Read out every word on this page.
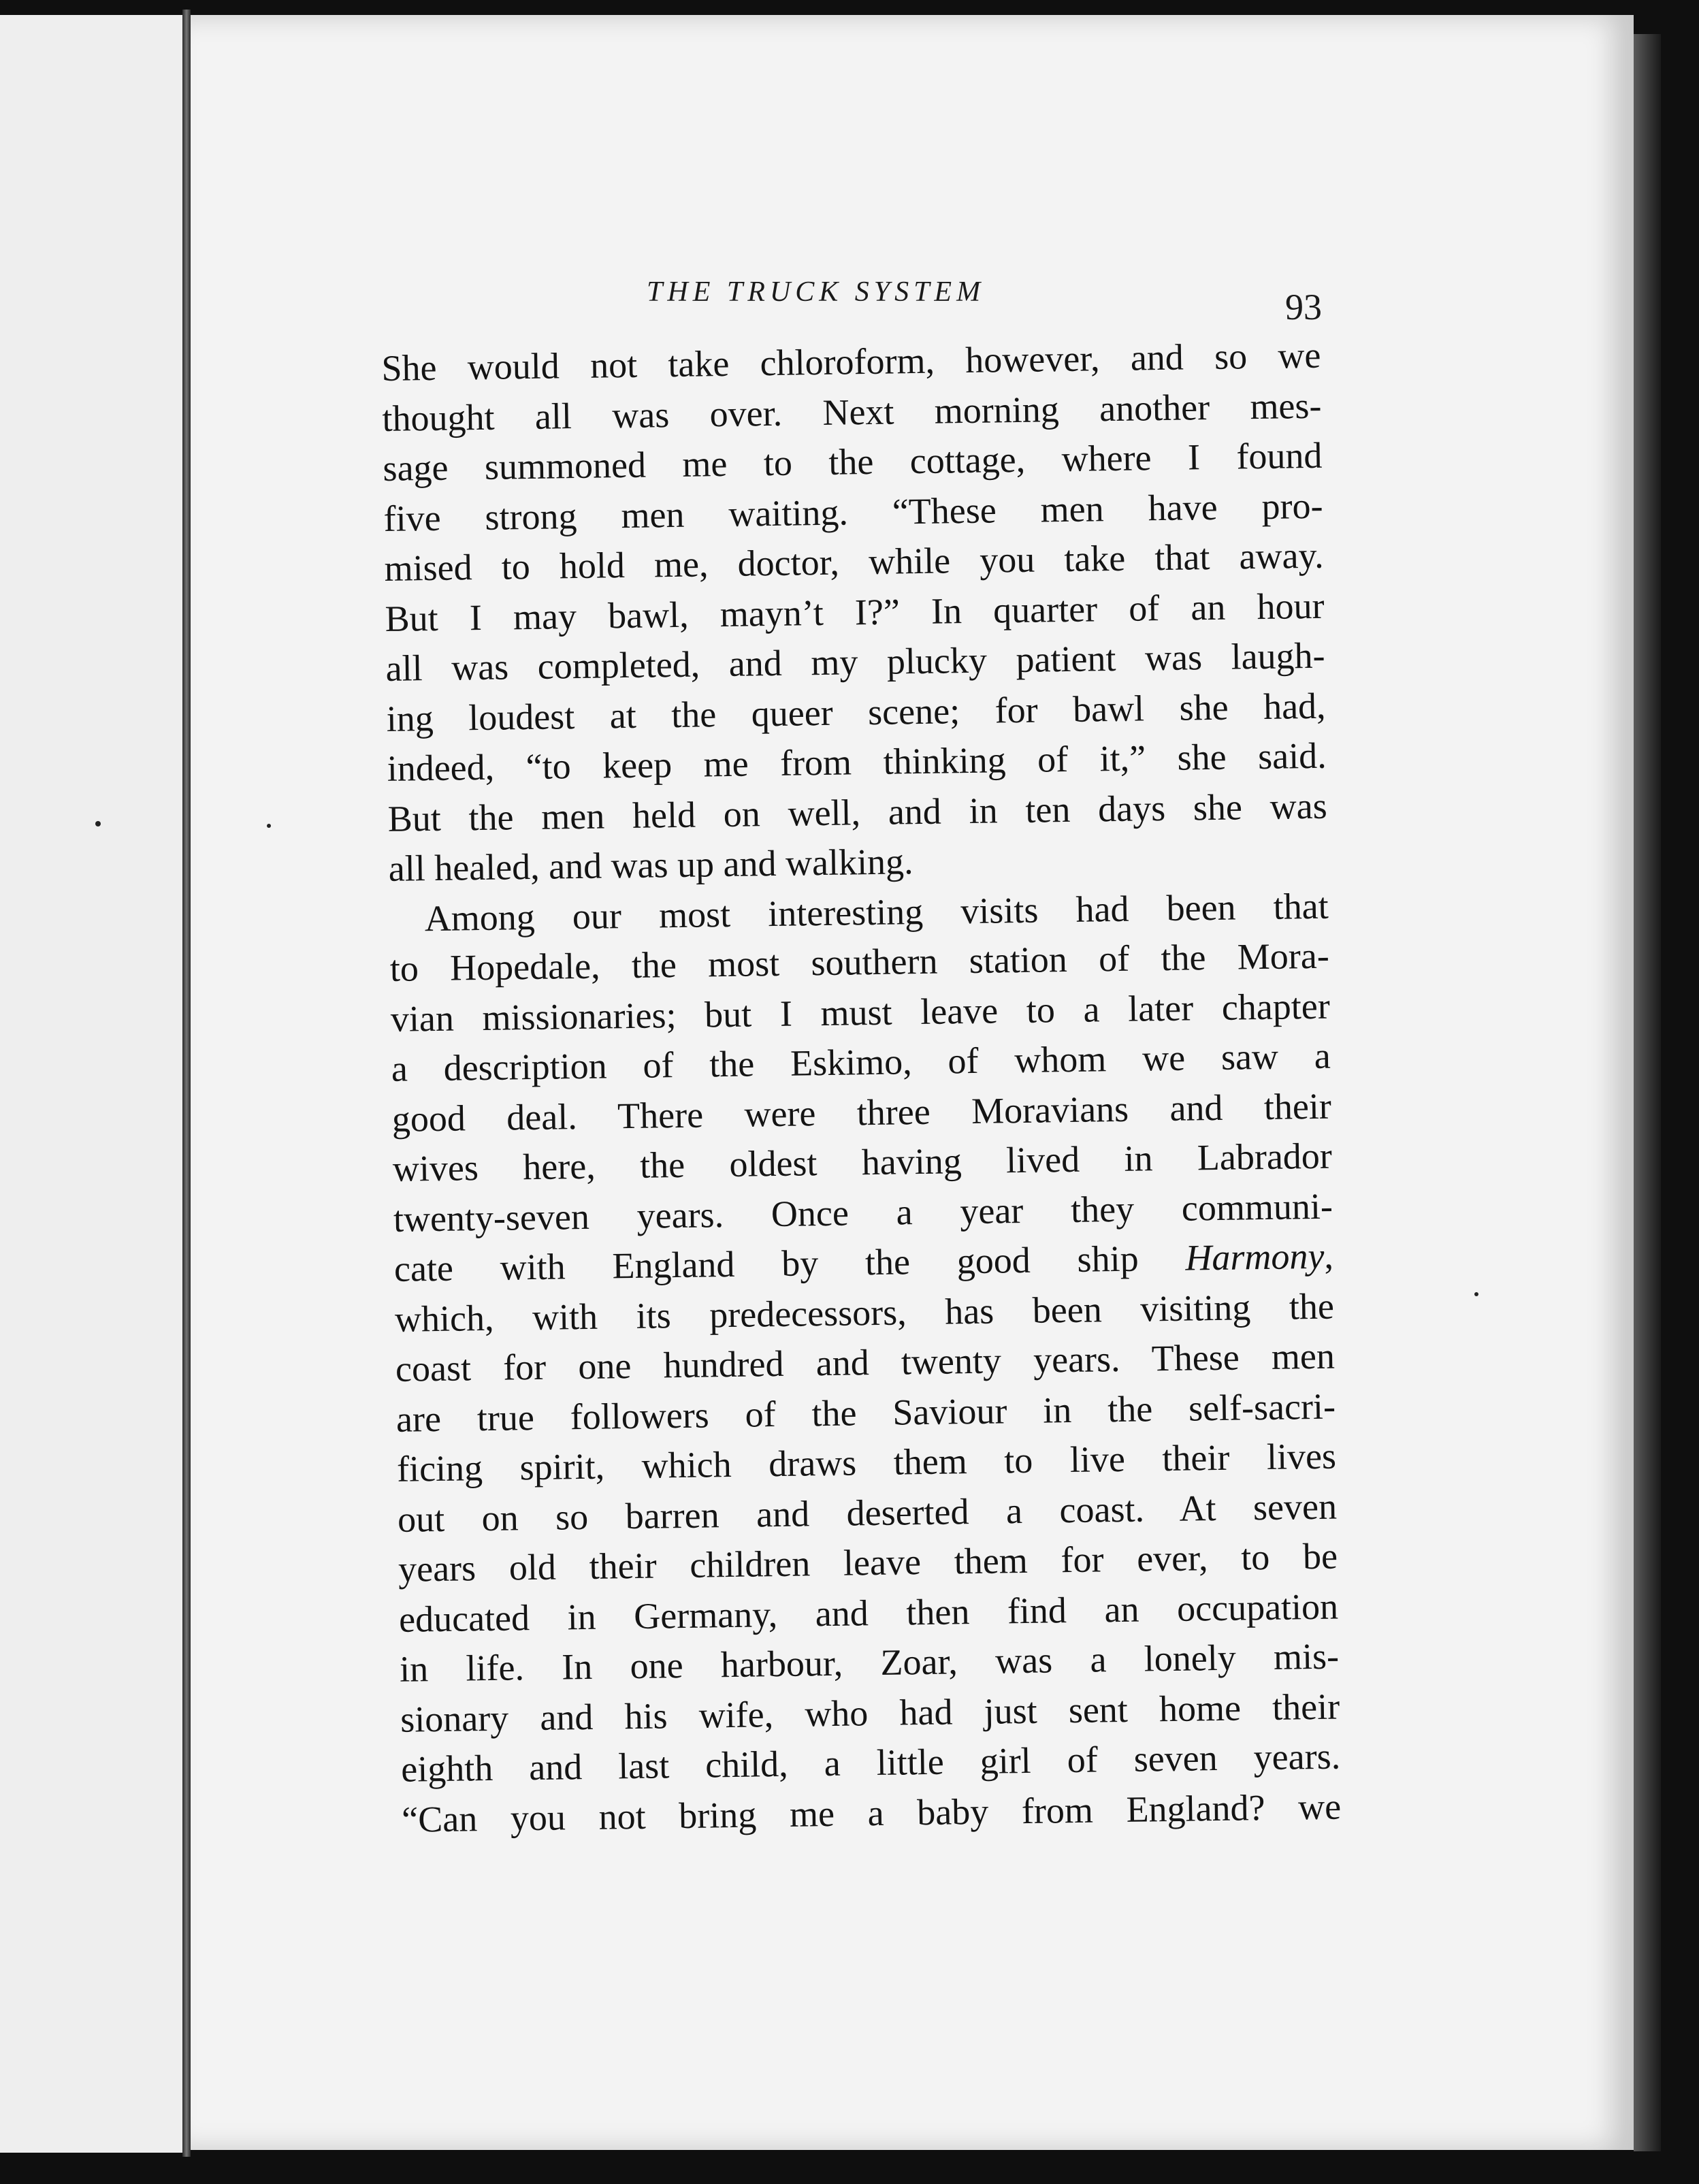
THE TRUCK SYSTEM	93
She would not take chloroform, however, and so we
thought all was over. Next morning another mes-
sage summoned me to the cottage, where I found
five strong men waiting. “These men have pro-
mised to hold me, doctor, while you take that away.
But I may bawl, mayn’t I?” In quarter of an hour
all was completed, and my plucky patient was laugh-
ing loudest at the queer scene; for bawl she had,
indeed, “to keep me from thinking of it,” she said.
But the men held on well, and in ten days she was
all healed, and was up and walking.
Among our most interesting visits had been that
to Hopedale, the most southern station of the Mora-
vian missionaries; but I must leave to a later chapter
a description of the Eskimo, of whom we saw a
good deal. There were three Moravians and their
wives here, the oldest having lived in Labrador
twenty-seven years. Once a year they communi-
cate with England by the good ship Harmony,
which, with its predecessors, has been visiting the
coast for one hundred and twenty years. These men
are true followers of the Saviour in the self-sacri-
ficing spirit, which draws them to live their lives
out on so barren and deserted a coast. At seven
years old their children leave them for ever, to be
educated in Germany, and then find an occupation
in life. In one harbour, Zoar, was a lonely mis-
sionary and his wife, who had just sent home their
eighth and last child, a little girl of seven years.
“Can you not bring me a baby from England? we
